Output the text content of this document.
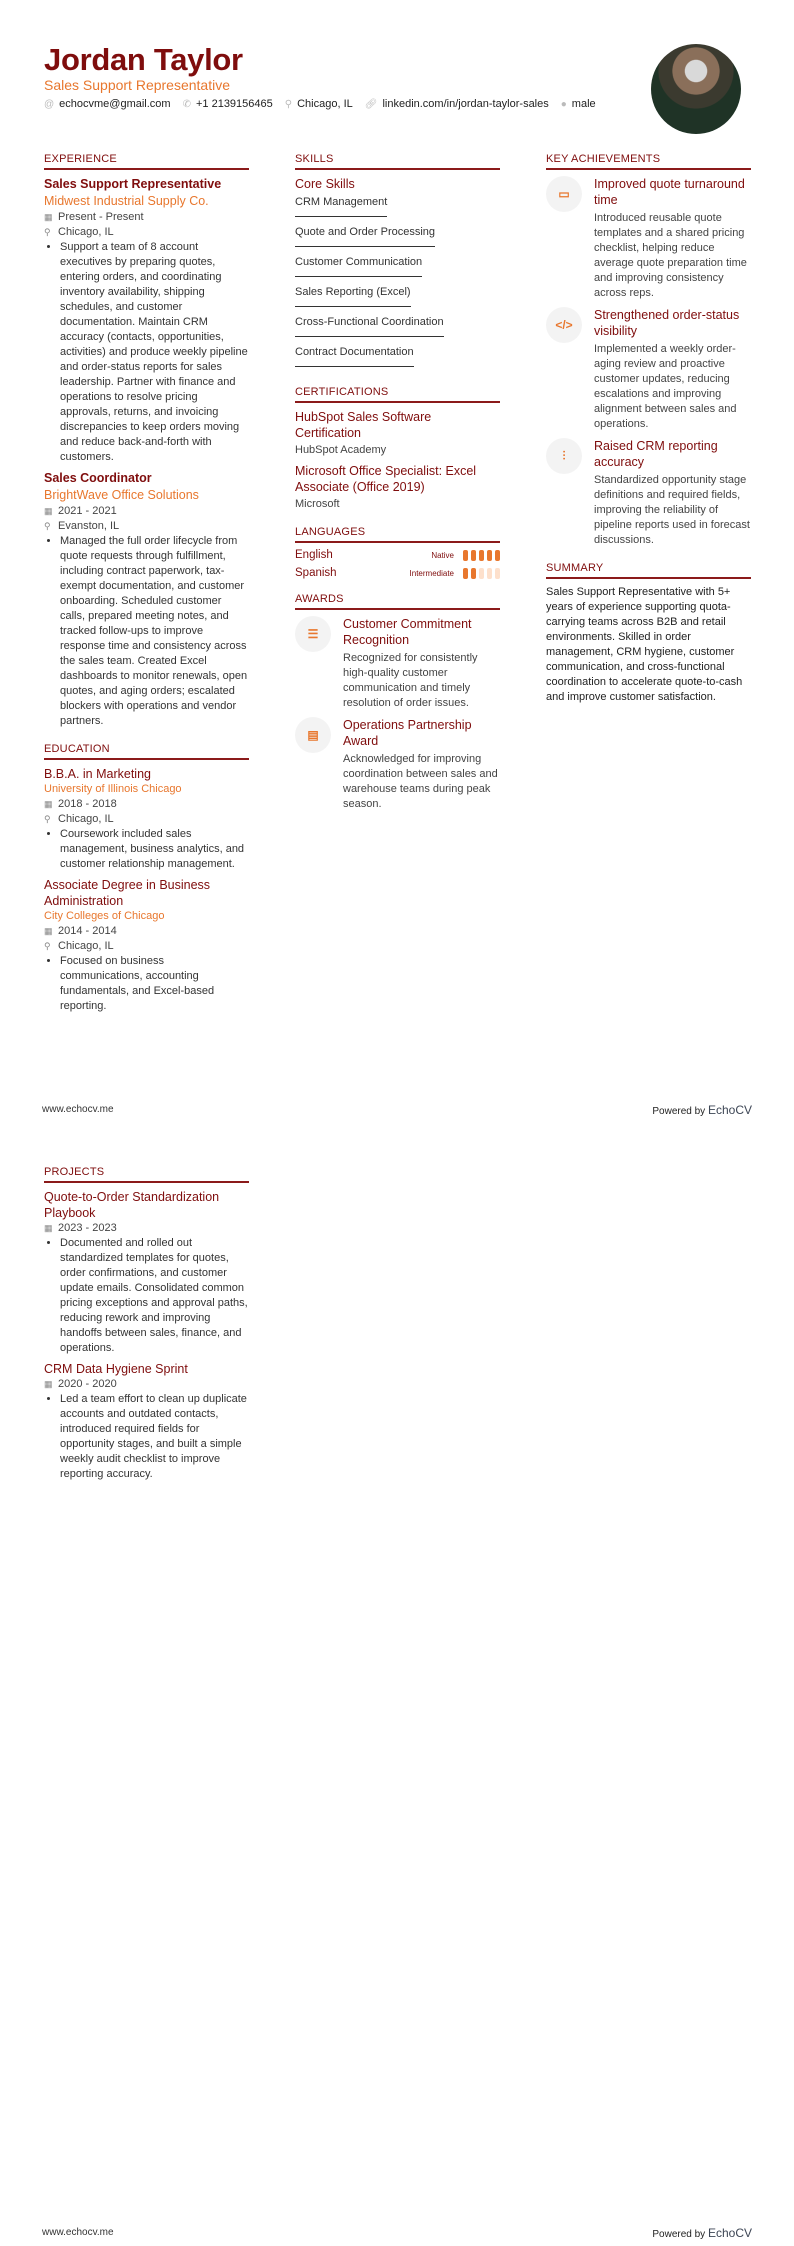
Jordan Taylor
Sales Support Representative
@ echocvme@gmail.com ✆ +1 2139156465 ⚲ Chicago, IL 🔗︎ linkedin.com/in/jordan-taylor-sales ● male
EXPERIENCE
Sales Support Representative
Midwest Industrial Supply Co.
▦ Present - Present
⚲ Chicago, IL
• Support a team of 8 account executives by preparing quotes, entering orders, and coordinating inventory availability, shipping schedules, and customer documentation. Maintain CRM accuracy (contacts, opportunities, activities) and produce weekly pipeline and order-status reports for sales leadership. Partner with finance and operations to resolve pricing approvals, returns, and invoicing discrepancies to keep orders moving and reduce back-and-forth with customers.
Sales Coordinator
BrightWave Office Solutions
▦ 2021 - 2021
⚲ Evanston, IL
• Managed the full order lifecycle from quote requests through fulfillment, including contract paperwork, tax-exempt documentation, and customer onboarding. Scheduled customer calls, prepared meeting notes, and tracked follow-ups to improve response time and consistency across the sales team. Created Excel dashboards to monitor renewals, open quotes, and aging orders; escalated blockers with operations and vendor partners.
EDUCATION
B.B.A. in Marketing
University of Illinois Chicago
▦ 2018 - 2018
⚲ Chicago, IL
• Coursework included sales management, business analytics, and customer relationship management.
Associate Degree in Business Administration
City Colleges of Chicago
▦ 2014 - 2014
⚲ Chicago, IL
• Focused on business communications, accounting fundamentals, and Excel-based reporting.
SKILLS
Core Skills
CRM Management
Quote and Order Processing
Customer Communication
Sales Reporting (Excel)
Cross-Functional Coordination
Contract Documentation
CERTIFICATIONS
HubSpot Sales Software Certification
HubSpot Academy
Microsoft Office Specialist: Excel Associate (Office 2019)
Microsoft
LANGUAGES
English	Native
Spanish	Intermediate
AWARDS
☰
Customer Commitment Recognition
Recognized for consistently high-quality customer communication and timely resolution of order issues.
▤
Operations Partnership Award
Acknowledged for improving coordination between sales and warehouse teams during peak season.
KEY ACHIEVEMENTS
▭
Improved quote turnaround time
Introduced reusable quote templates and a shared pricing checklist, helping reduce average quote preparation time and improving consistency across reps.
</>
Strengthened order-status visibility
Implemented a weekly order-aging review and proactive customer updates, reducing escalations and improving alignment between sales and operations.
⫶
Raised CRM reporting accuracy
Standardized opportunity stage definitions and required fields, improving the reliability of pipeline reports used in forecast discussions.
SUMMARY
Sales Support Representative with 5+ years of experience supporting quota-carrying teams across B2B and retail environments. Skilled in order management, CRM hygiene, customer communication, and cross-functional coordination to accelerate quote-to-cash and improve customer satisfaction.
www.echocv.me	Powered by EchoCV
PROJECTS
Quote-to-Order Standardization Playbook
▦ 2023 - 2023
• Documented and rolled out standardized templates for quotes, order confirmations, and customer update emails. Consolidated common pricing exceptions and approval paths, reducing rework and improving handoffs between sales, finance, and operations.
CRM Data Hygiene Sprint
▦ 2020 - 2020
• Led a team effort to clean up duplicate accounts and outdated contacts, introduced required fields for opportunity stages, and built a simple weekly audit checklist to improve reporting accuracy.
www.echocv.me	Powered by EchoCV
